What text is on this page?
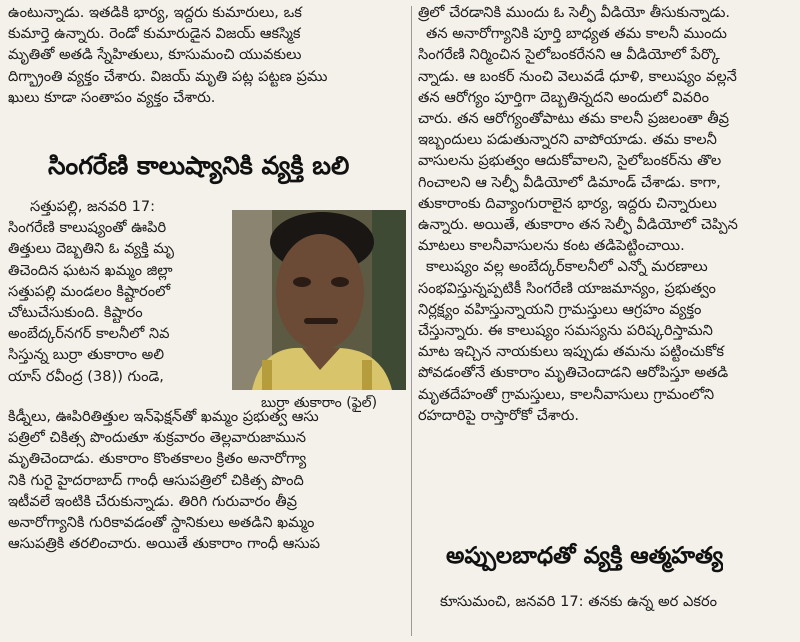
ఉంటున్నాడు. ఇతడికి భార్య, ఇద్దరు కుమారులు, ఒక

కుమార్తె ఉన్నారు. రెండో కుమారుడైన విజయ్ ఆకస్మిక

మృతితో అతడి స్నేహితులు, కూసుమంచి యువకులు

దిగ్భ్రాంతి వ్యక్తం చేశారు. విజయ్ మృతి పట్ల పట్టణ ప్రము

ఖులు కూడా సంతాపం వ్యక్తం చేశారు.

సింగరేణి కాలుష్యానికి వ్యక్తి బలి

సత్తుపల్లి, జనవరి 17:

సింగరేణి కాలుష్యంతో ఊపిరి

తిత్తులు దెబ్బతిని ఓ వ్యక్తి మృ

తిచెందిన ఘటన ఖమ్మం జిల్లా

సత్తుపల్లి మండలం కిష్టారంలో

చోటుచేసుకుంది. కిష్టారం

అంబేద్కర్‌నగర్ కాలనీలో నివ

సిస్తున్న బుర్రా తుకారాం అలి

యాస్ రవీంద్ర (38)) గుండె,

బుర్రా తుకారాం (ఫైల్)

కిడ్నీలు, ఊపిరితిత్తుల ఇన్‌ఫెక్షన్‌తో ఖమ్మం ప్రభుత్వ ఆసు

పత్రిలో చికిత్స పొందుతూ శుక్రవారం తెల్లవారుజామున

మృతిచెందాడు. తుకారాం కొంతకాలం క్రితం అనారోగ్యా

నికి గురై హైదరాబాద్ గాంధీ ఆసుపత్రిలో చికిత్స పొంది

ఇటీవలే ఇంటికి చేరుకున్నాడు. తిరిగి గురువారం తీవ్ర

అనారోగ్యానికి గురికావడంతో స్థానికులు అతడిని ఖమ్మం

ఆసుపత్రికి తరలించారు. అయితే తుకారాం గాంధీ ఆసుప

త్రిలో చేరడానికి ముందు ఓ సెల్ఫీ వీడియో తీసుకున్నాడు.

తన అనారోగ్యానికి పూర్తి బాధ్యత తమ కాలనీ ముందు

సింగరేణి నిర్మించిన సైలోబంకరేనని ఆ వీడియోలో పేర్కొ

న్నాడు. ఆ బంకర్ నుంచి వెలువడే ధూళి, కాలుష్యం వల్లనే

తన ఆరోగ్యం పూర్తిగా దెబ్బతిన్నదని అందులో వివరిం

చారు. తన ఆరోగ్యంతోపాటు తమ కాలనీ ప్రజలంతా తీవ్ర

ఇబ్బందులు పడుతున్నారని వాపోయాడు. తమ కాలనీ

వాసులను ప్రభుత్వం ఆదుకోవాలని, సైలోబంకర్‌ను తొల

గించాలని ఆ సెల్ఫీ వీడియోలో డిమాండ్ చేశాడు. కాగా,

తుకారాంకు దివ్యాంగురాలైన భార్య, ఇద్దరు చిన్నారులు

ఉన్నారు. అయితే, తుకారాం తన సెల్ఫీ వీడియోలో చెప్పిన

మాటలు కాలనీవాసులను కంట తడిపెట్టించాయి.

కాలుష్యం వల్ల అంబేద్కర్‌కాలనీలో ఎన్నో మరణాలు

సంభవిస్తున్నప్పటికీ సింగరేణి యాజమాన్యం, ప్రభుత్వం

నిర్లక్ష్యం వహిస్తున్నాయని గ్రామస్తులు ఆగ్రహం వ్యక్తం

చేస్తున్నారు. ఈ కాలుష్యం సమస్యను పరిష్కరిస్తామని

మాట ఇచ్చిన నాయకులు ఇప్పుడు తమను పట్టించుకోక

పోవడంతోనే తుకారాం మృతిచెందాడని ఆరోపిస్తూ అతడి

మృతదేహంతో గ్రామస్తులు, కాలనీవాసులు గ్రామంలోని

రహదారిపై రాస్తారోకో చేశారు.

అప్పులబాధతో వ్యక్తి ఆత్మహత్య

కూసుమంచి, జనవరి 17: తనకు ఉన్న అర ఎకరం
